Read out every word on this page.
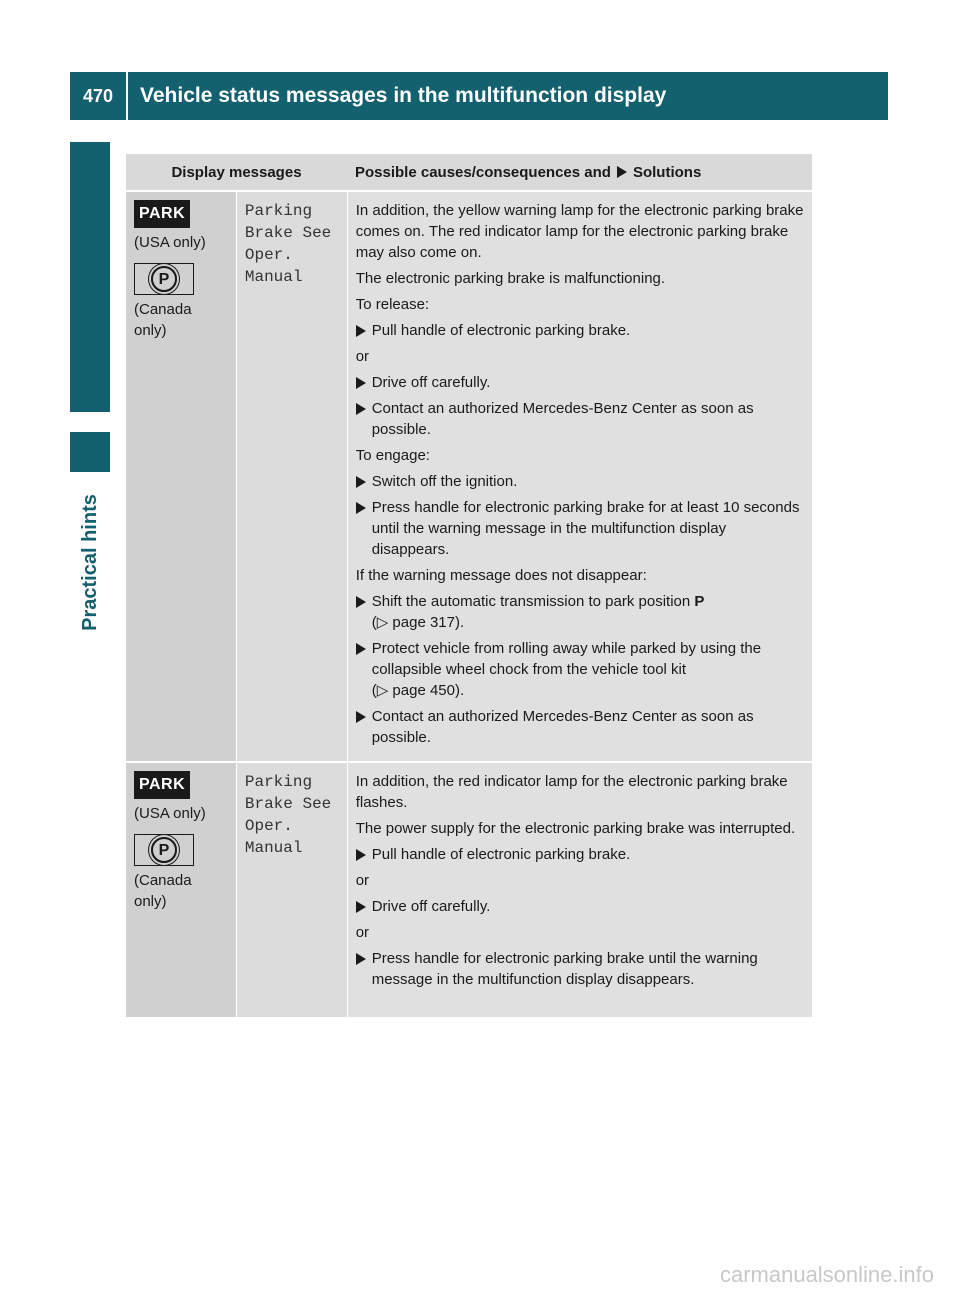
470	Vehicle status messages in the multifunction display
Practical hints
Display messages	Possible causes/consequences and Solutions
PARK
(USA only)
P
(Canada only)
Parking
Brake See
Oper.
Manual
In addition, the yellow warning lamp for the electronic parking brake comes on. The red indicator lamp for the electronic parking brake may also come on.
The electronic parking brake is malfunctioning.
To release:
Pull handle of electronic parking brake.
or
Drive off carefully.
Contact an authorized Mercedes-Benz Center as soon as possible.
To engage:
Switch off the ignition.
Press handle for electronic parking brake for at least 10 seconds until the warning message in the multifunction display disappears.
If the warning message does not disappear:
Shift the automatic transmission to park position P
(▷ page 317).
Protect vehicle from rolling away while parked by using the collapsible wheel chock from the vehicle tool kit
(▷ page 450).
Contact an authorized Mercedes-Benz Center as soon as possible.
PARK
(USA only)
P
(Canada only)
Parking
Brake See
Oper.
Manual
In addition, the red indicator lamp for the electronic parking brake flashes.
The power supply for the electronic parking brake was interrupted.
Pull handle of electronic parking brake.
or
Drive off carefully.
or
Press handle for electronic parking brake until the warning message in the multifunction display disappears.
carmanualsonline.info
